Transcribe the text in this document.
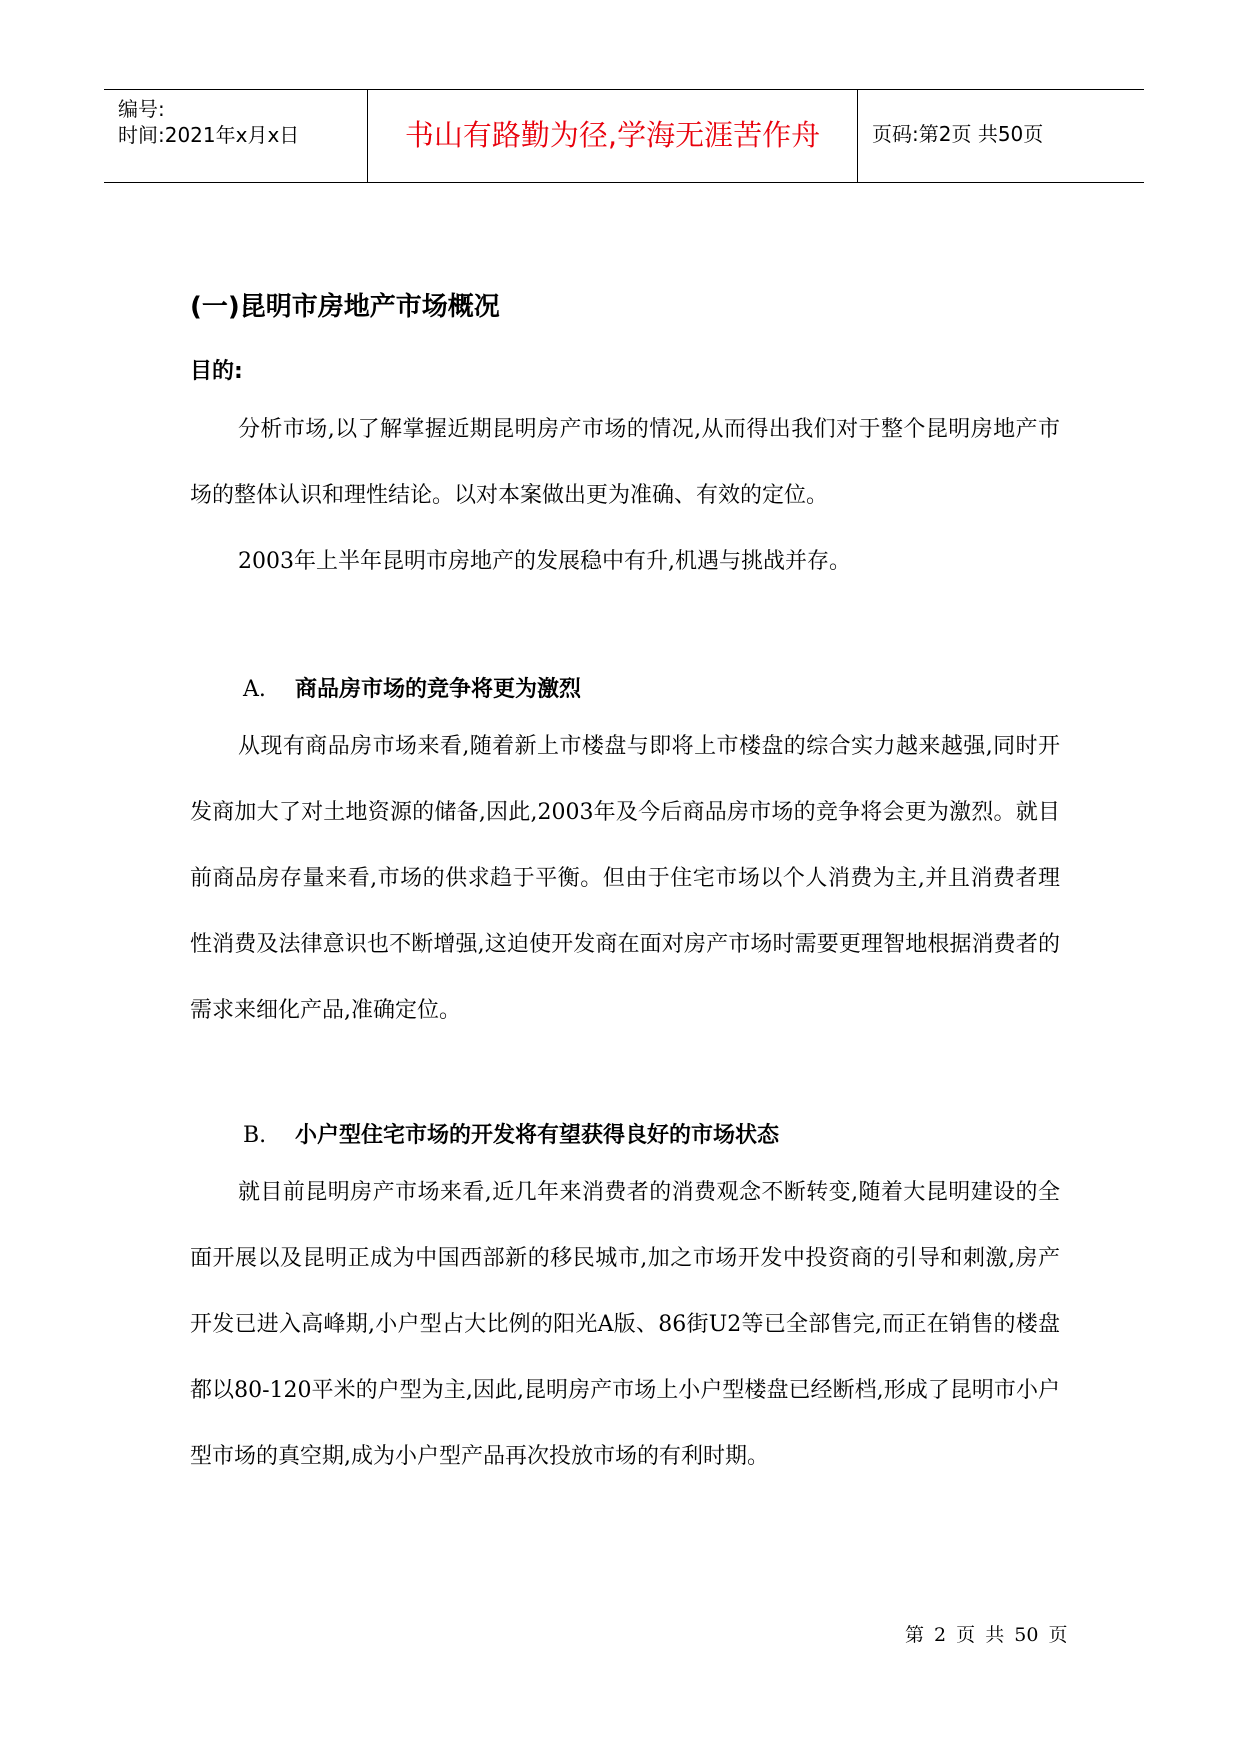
编号:
时间:2021年x月x日	书山有路勤为径,学海无涯苦作舟	页码:第2页 共50页
(一)昆明市房地产市场概况
目的:
分析市场,以了解掌握近期昆明房产市场的情况,从而得出我们对于整个昆明房地产市场的整体认识和理性结论。以对本案做出更为准确、有效的定位。
2003年上半年昆明市房地产的发展稳中有升,机遇与挑战并存。
A. 商品房市场的竞争将更为激烈
从现有商品房市场来看,随着新上市楼盘与即将上市楼盘的综合实力越来越强,同时开发商加大了对土地资源的储备,因此,2003年及今后商品房市场的竞争将会更为激烈。就目前商品房存量来看,市场的供求趋于平衡。但由于住宅市场以个人消费为主,并且消费者理性消费及法律意识也不断增强,这迫使开发商在面对房产市场时需要更理智地根据消费者的需求来细化产品,准确定位。
B. 小户型住宅市场的开发将有望获得良好的市场状态
就目前昆明房产市场来看,近几年来消费者的消费观念不断转变,随着大昆明建设的全面开展以及昆明正成为中国西部新的移民城市,加之市场开发中投资商的引导和刺激,房产开发已进入高峰期,小户型占大比例的阳光A版、86街U2等已全部售完,而正在销售的楼盘都以80-120平米的户型为主,因此,昆明房产市场上小户型楼盘已经断档,形成了昆明市小户型市场的真空期,成为小户型产品再次投放市场的有利时期。
第 2 页 共 50 页
